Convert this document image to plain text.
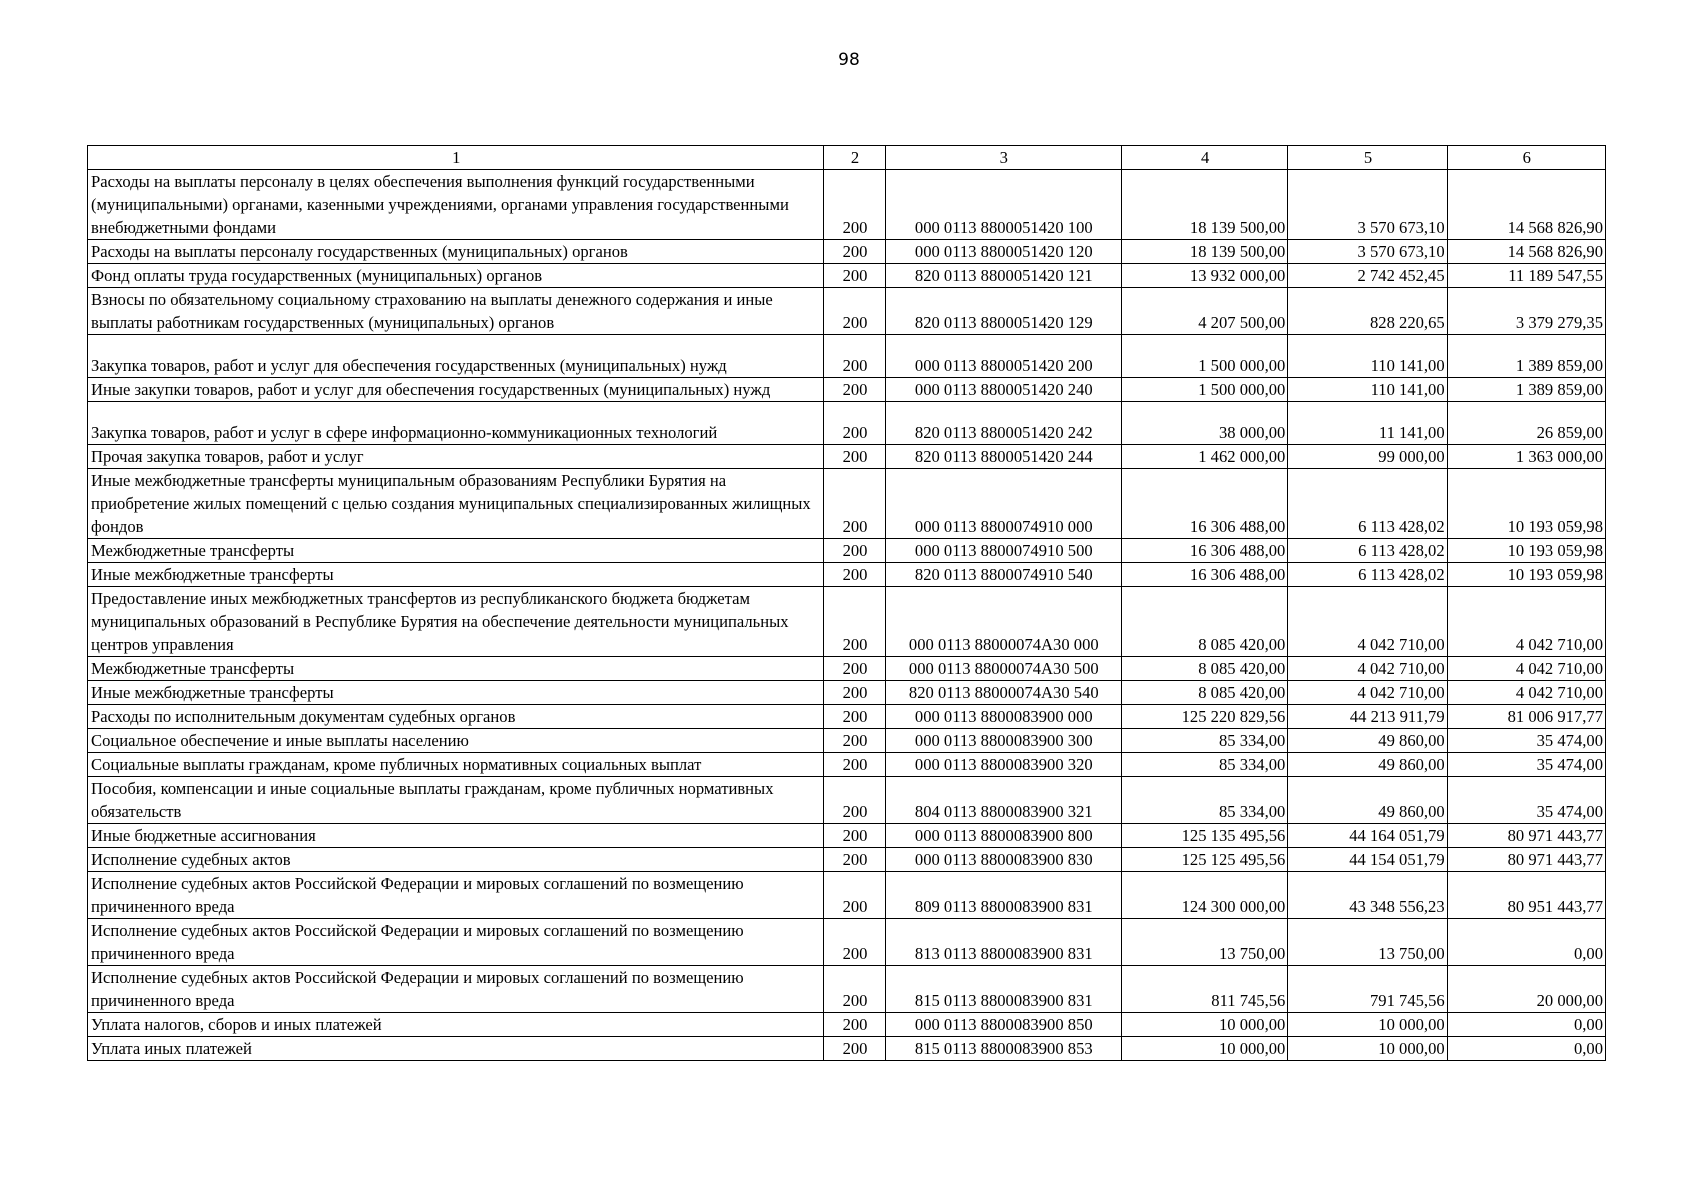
98
1	2	3	4	5	6
Расходы на выплаты персоналу в целях обеспечения выполнения функций государственными (муниципальными) органами, казенными учреждениями, органами управления государственными внебюджетными фондами	200	000 0113 8800051420 100	18 139 500,00	3 570 673,10	14 568 826,90
Расходы на выплаты персоналу государственных (муниципальных) органов	200	000 0113 8800051420 120	18 139 500,00	3 570 673,10	14 568 826,90
Фонд оплаты труда государственных (муниципальных) органов	200	820 0113 8800051420 121	13 932 000,00	2 742 452,45	11 189 547,55
Взносы по обязательному социальному страхованию на выплаты денежного содержания и иные выплаты работникам государственных (муниципальных) органов	200	820 0113 8800051420 129	4 207 500,00	828 220,65	3 379 279,35
Закупка товаров, работ и услуг для обеспечения государственных (муниципальных) нужд	200	000 0113 8800051420 200	1 500 000,00	110 141,00	1 389 859,00
Иные закупки товаров, работ и услуг для обеспечения государственных (муниципальных) нужд	200	000 0113 8800051420 240	1 500 000,00	110 141,00	1 389 859,00
Закупка товаров, работ и услуг в сфере информационно-коммуникационных технологий	200	820 0113 8800051420 242	38 000,00	11 141,00	26 859,00
Прочая закупка товаров, работ и услуг	200	820 0113 8800051420 244	1 462 000,00	99 000,00	1 363 000,00
Иные межбюджетные трансферты муниципальным образованиям Республики Бурятия на приобретение жилых помещений с целью создания муниципальных специализированных жилищных фондов	200	000 0113 8800074910 000	16 306 488,00	6 113 428,02	10 193 059,98
Межбюджетные трансферты	200	000 0113 8800074910 500	16 306 488,00	6 113 428,02	10 193 059,98
Иные межбюджетные трансферты	200	820 0113 8800074910 540	16 306 488,00	6 113 428,02	10 193 059,98
Предоставление иных межбюджетных трансфертов из республиканского бюджета бюджетам муниципальных образований в Республике Бурятия на обеспечение деятельности муниципальных центров управления	200	000 0113 88000074А30 000	8 085 420,00	4 042 710,00	4 042 710,00
Межбюджетные трансферты	200	000 0113 88000074А30 500	8 085 420,00	4 042 710,00	4 042 710,00
Иные межбюджетные трансферты	200	820 0113 88000074А30 540	8 085 420,00	4 042 710,00	4 042 710,00
Расходы по исполнительным документам судебных органов	200	000 0113 8800083900 000	125 220 829,56	44 213 911,79	81 006 917,77
Социальное обеспечение и иные выплаты населению	200	000 0113 8800083900 300	85 334,00	49 860,00	35 474,00
Социальные выплаты гражданам, кроме публичных нормативных социальных выплат	200	000 0113 8800083900 320	85 334,00	49 860,00	35 474,00
Пособия, компенсации и иные социальные выплаты гражданам, кроме публичных нормативных обязательств	200	804 0113 8800083900 321	85 334,00	49 860,00	35 474,00
Иные бюджетные ассигнования	200	000 0113 8800083900 800	125 135 495,56	44 164 051,79	80 971 443,77
Исполнение судебных актов	200	000 0113 8800083900 830	125 125 495,56	44 154 051,79	80 971 443,77
Исполнение судебных актов Российской Федерации и мировых соглашений по возмещению причиненного вреда	200	809 0113 8800083900 831	124 300 000,00	43 348 556,23	80 951 443,77
Исполнение судебных актов Российской Федерации и мировых соглашений по возмещению причиненного вреда	200	813 0113 8800083900 831	13 750,00	13 750,00	0,00
Исполнение судебных актов Российской Федерации и мировых соглашений по возмещению причиненного вреда	200	815 0113 8800083900 831	811 745,56	791 745,56	20 000,00
Уплата налогов, сборов и иных платежей	200	000 0113 8800083900 850	10 000,00	10 000,00	0,00
Уплата иных платежей	200	815 0113 8800083900 853	10 000,00	10 000,00	0,00
